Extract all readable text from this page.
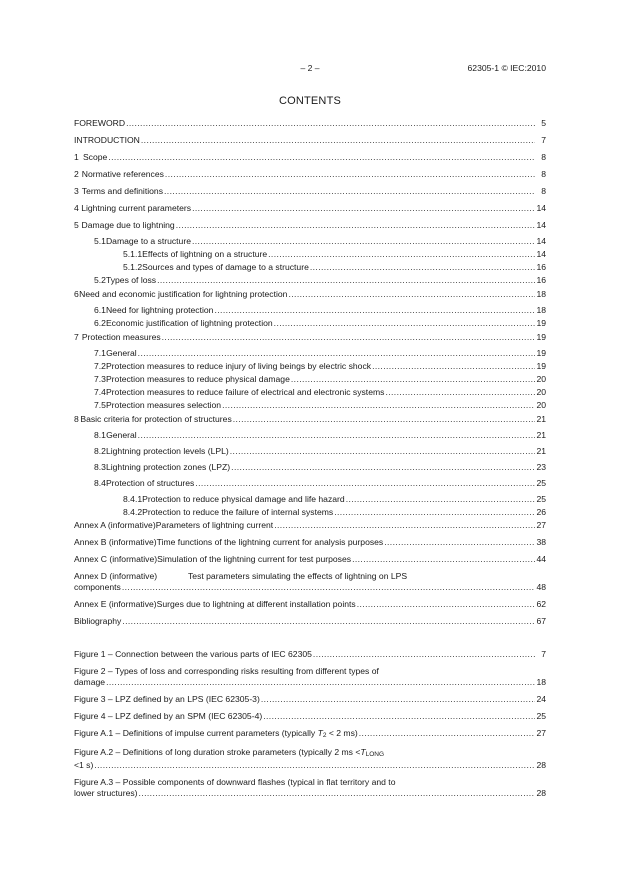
– 2 –	62305-1 © IEC:2010
CONTENTS
FOREWORD .....	5
INTRODUCTION .....	7
1 Scope .....	8
2 Normative references .....	8
3 Terms and definitions .....	8
4 Lightning current parameters .....	14
5 Damage due to lightning .....	14
5.1 Damage to a structure .....	14
5.1.1 Effects of lightning on a structure .....	14
5.1.2 Sources and types of damage to a structure .....	16
5.2 Types of loss .....	16
6 Need and economic justification for lightning protection .....	18
6.1 Need for lightning protection .....	18
6.2 Economic justification of lightning protection .....	19
7 Protection measures .....	19
7.1 General .....	19
7.2 Protection measures to reduce injury of living beings by electric shock .....	19
7.3 Protection measures to reduce physical damage .....	20
7.4 Protection measures to reduce failure of electrical and electronic systems .....	20
7.5 Protection measures selection .....	20
8 Basic criteria for protection of structures .....	21
8.1 General .....	21
8.2 Lightning protection levels (LPL) .....	21
8.3 Lightning protection zones (LPZ) .....	23
8.4 Protection of structures .....	25
8.4.1 Protection to reduce physical damage and life hazard .....	25
8.4.2 Protection to reduce the failure of internal systems .....	26
Annex A (informative) Parameters of lightning current .....	27
Annex B (informative) Time functions of the lightning current for analysis purposes .....	38
Annex C (informative) Simulation of the lightning current for test purposes .....	44
Annex D (informative)	Test parameters simulating the effects of lightning on LPS
components .....	48
Annex E (informative) Surges due to lightning at different installation points .....	62
Bibliography .....	67
Figure 1 – Connection between the various parts of IEC 62305 .....	7
Figure 2 – Types of loss and corresponding risks resulting from different types of
damage .....	18
Figure 3 – LPZ defined by an LPS (IEC 62305-3) .....	24
Figure 4 – LPZ defined by an SPM (IEC 62305-4) .....	25
Figure A.1 – Definitions of impulse current parameters (typically $T_2 < 2$ ms) .....	27
Figure A.2 – Definitions of long duration stroke parameters (typically 2 ms $<T_{LONG}$
<1 s) .....	28
Figure A.3 – Possible components of downward flashes (typical in flat territory and to
lower structures) .....	28
